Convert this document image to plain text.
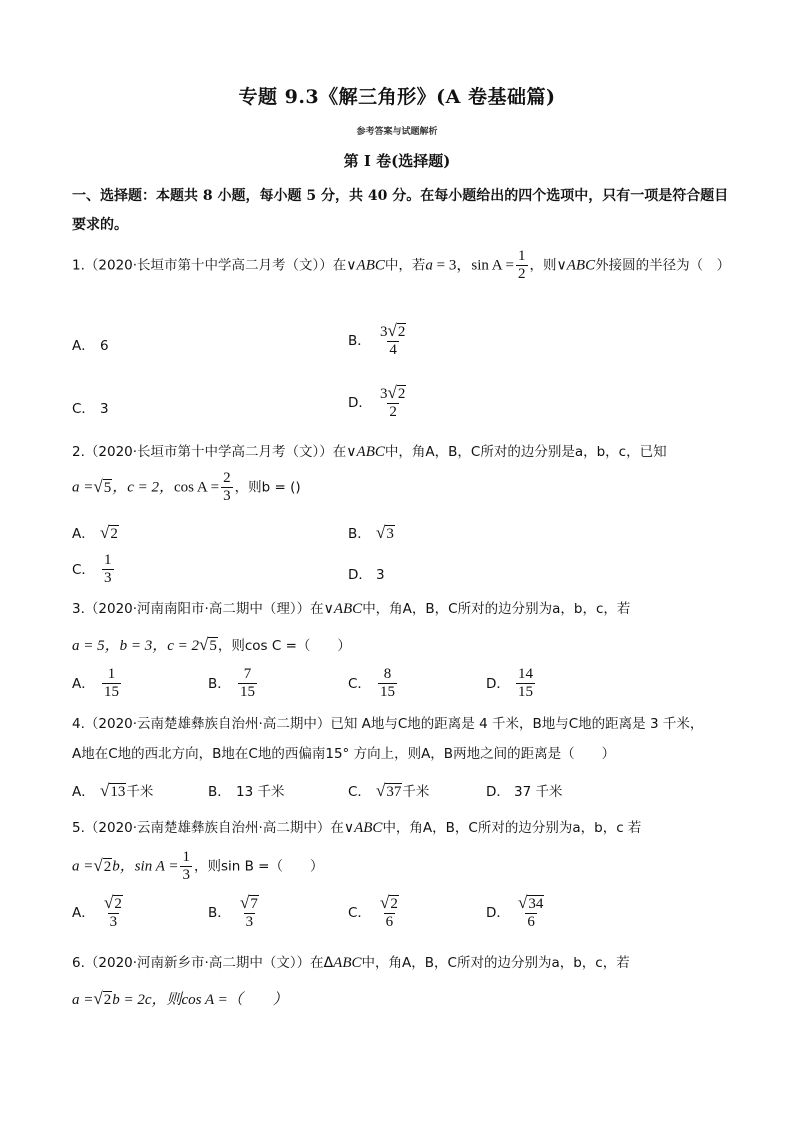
专题 9.3《解三角形》(A 卷基础篇)
参考答案与试题解析
第 I 卷(选择题)
一、选择题：本题共 8 小题，每小题 5 分，共 40 分。在每小题给出的四个选项中，只有一项是符合题目要求的。
1.（2020·长垣市第十中学高二月考（文））在∨ABC中，若a = 3，$\sin A = \frac{1}{2}$ ，则∨ABC外接圆的半径为（　）
A． 6	B． $\frac{3√2}{4}$
C． 3	D． $\frac{3√2}{2}$
2.（2020·长垣市第十中学高二月考（文））在∨ABC中，角A，B，C所对的边分别是a，b，c，已知
a =√5，c = 2，$\cos A = \frac{2}{3}$ ，则b = ()
A． √2	B． √3
C． $\frac{1}{3}$	D． 3
3.（2020·河南南阳市·高二期中（理））在∨ABC中，角A，B，C所对的边分别为a，b，c，若
a = 5，b = 3，c = 2√5，则cos C =（　　）
A． $\frac{1}{15}$	B． $\frac{7}{15}$	C． $\frac{8}{15}$	D． $\frac{14}{15}$
4.（2020·云南楚雄彝族自治州·高二期中）已知 A地与C地的距离是 4 千米，B地与C地的距离是 3 千米，
A地在C地的西北方向，B地在C地的西偏南15° 方向上，则A，B两地之间的距离是（　　）
A． √13千米	B． 13 千米	C． √37千米	D． 37 千米
5.（2020·云南楚雄彝族自治州·高二期中）在∨ABC中，角A，B，C所对的边分别为a，b，c 若
a =√2b，$\sin A = \frac{1}{3}$ ，则sin B =（　　）
A． $\frac{√2}{3}$	B． $\frac{√7}{3}$	C． $\frac{√2}{6}$	D． $\frac{√34}{6}$
6.（2020·河南新乡市·高二期中（文））在ΔABC中，角A，B，C所对的边分别为a，b，c，若
a =√2b = 2c，则cos A =（　　）
